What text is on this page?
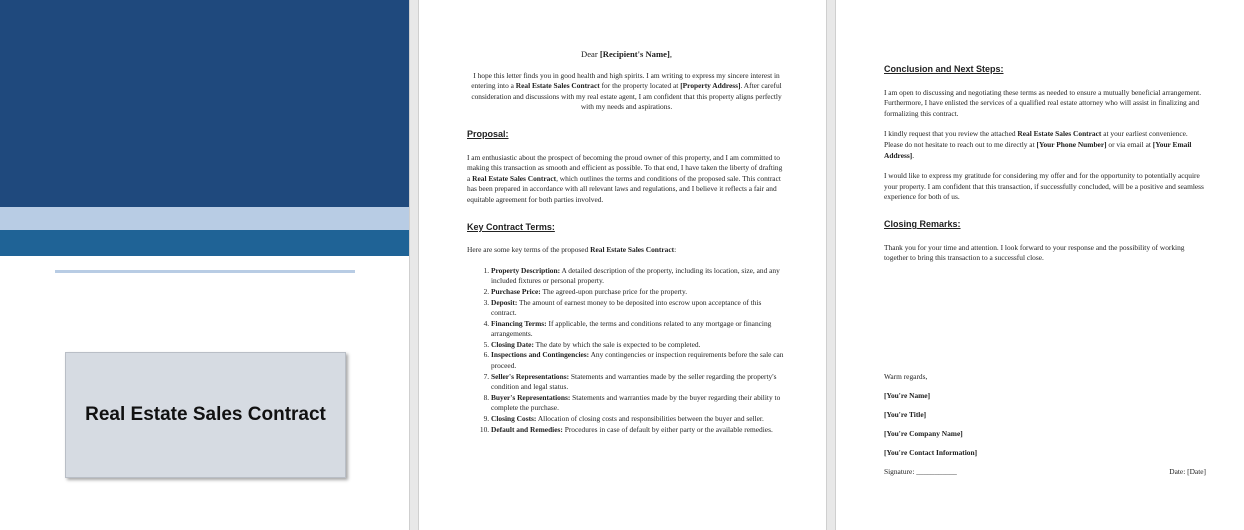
Real Estate Sales Contract
Dear [Recipient's Name],

I hope this letter finds you in good health and high spirits. I am writing to express my sincere interest in entering into a Real Estate Sales Contract for the property located at [Property Address]. After careful consideration and discussions with my real estate agent, I am confident that this property aligns perfectly with my needs and aspirations.

Proposal:

I am enthusiastic about the prospect of becoming the proud owner of this property, and I am committed to making this transaction as smooth and efficient as possible. To that end, I have taken the liberty of drafting a Real Estate Sales Contract, which outlines the terms and conditions of the proposed sale. This contract has been prepared in accordance with all relevant laws and regulations, and I believe it reflects a fair and equitable agreement for both parties involved.

Key Contract Terms:

Here are some key terms of the proposed Real Estate Sales Contract:

1. Property Description: A detailed description of the property, including its location, size, and any included fixtures or personal property.
2. Purchase Price: The agreed-upon purchase price for the property.
3. Deposit: The amount of earnest money to be deposited into escrow upon acceptance of this contract.
4. Financing Terms: If applicable, the terms and conditions related to any mortgage or financing arrangements.
5. Closing Date: The date by which the sale is expected to be completed.
6. Inspections and Contingencies: Any contingencies or inspection requirements before the sale can proceed.
7. Seller's Representations: Statements and warranties made by the seller regarding the property's condition and legal status.
8. Buyer's Representations: Statements and warranties made by the buyer regarding their ability to complete the purchase.
9. Closing Costs: Allocation of closing costs and responsibilities between the buyer and seller.
10. Default and Remedies: Procedures in case of default by either party or the available remedies.
Conclusion and Next Steps:

I am open to discussing and negotiating these terms as needed to ensure a mutually beneficial arrangement. Furthermore, I have enlisted the services of a qualified real estate attorney who will assist in finalizing and formalizing this contract.

I kindly request that you review the attached Real Estate Sales Contract at your earliest convenience. Please do not hesitate to reach out to me directly at [Your Phone Number] or via email at [Your Email Address].

I would like to express my gratitude for considering my offer and for the opportunity to potentially acquire your property. I am confident that this transaction, if successfully concluded, will be a positive and seamless experience for both of us.

Closing Remarks:

Thank you for your time and attention. I look forward to your response and the possibility of working together to bring this transaction to a successful close.

Warm regards,
[You're Name]
[You're Title]
[You're Company Name]
[You're Contact Information]
Signature: ___________	Date: [Date]
